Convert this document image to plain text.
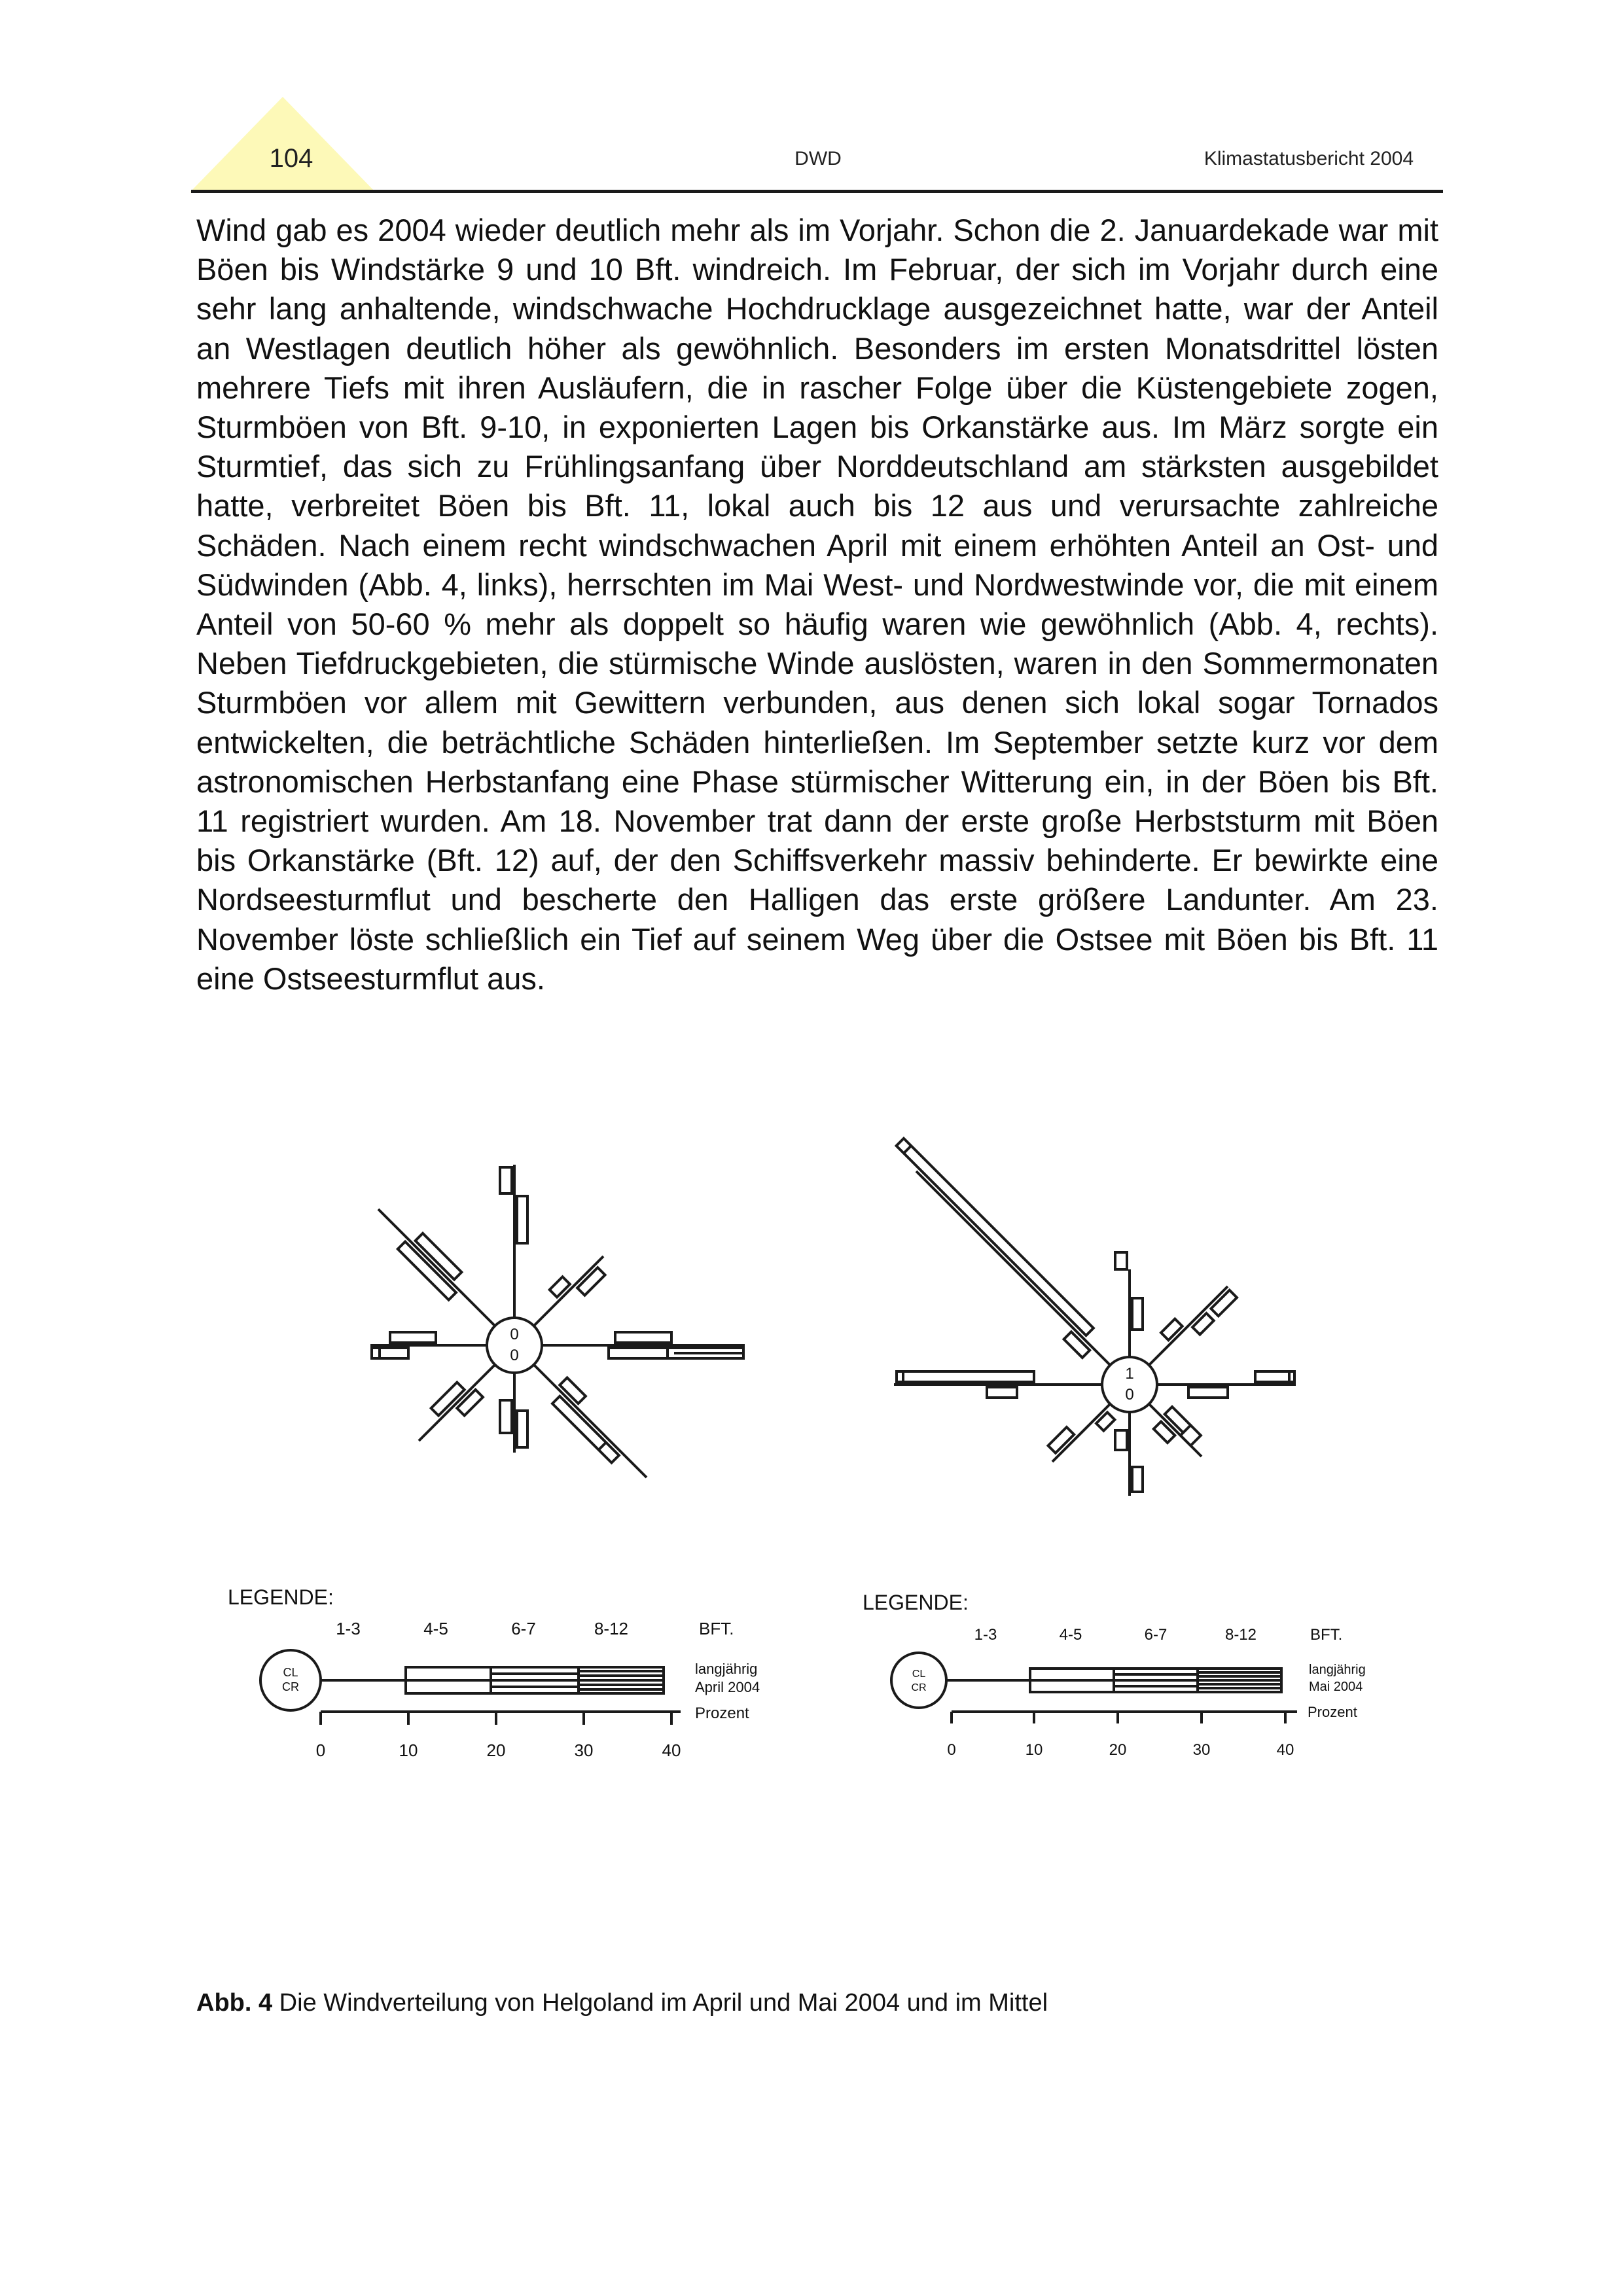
104	DWD	Klimastatusbericht 2004
Wind gab es 2004 wieder deutlich mehr als im Vorjahr. Schon die 2. Januardekade war mit Böen bis Windstärke 9 und 10 Bft. windreich. Im Februar, der sich im Vorjahr durch eine sehr lang anhaltende, windschwache Hochdrucklage ausgezeichnet hatte, war der Anteil an Westlagen deutlich höher als gewöhnlich. Besonders im ersten Monatsdrittel lösten mehrere Tiefs mit ihren Ausläufern, die in rascher Folge über die Küstengebiete zogen, Sturmböen von Bft. 9-10, in exponierten Lagen bis Orkanstärke aus. Im März sorgte ein Sturmtief, das sich zu Frühlingsanfang über Norddeutschland am stärksten ausgebildet hatte, verbreitet Böen bis Bft. 11, lokal auch bis 12 aus und verursachte zahlreiche Schäden. Nach einem recht windschwachen April mit einem erhöhten Anteil an Ost- und Südwinden (Abb. 4, links), herrschten im Mai West- und Nordwestwinde vor, die mit einem Anteil von 50-60 % mehr als doppelt so häufig waren wie gewöhnlich (Abb. 4, rechts). Neben Tiefdruckgebieten, die stürmische Winde auslösten, waren in den Sommermonaten Sturmböen vor allem mit Gewittern verbunden, aus denen sich lokal sogar Tornados entwickelten, die beträchtliche Schäden hinterließen. Im September setzte kurz vor dem astronomischen Herbstanfang eine Phase stürmischer Witterung ein, in der Böen bis Bft. 11 registriert wurden. Am 18. November trat dann der erste große Herbststurm mit Böen bis Orkanstärke (Bft. 12) auf, der den Schiffsverkehr massiv behinderte. Er bewirkte eine Nordseesturmflut und bescherte den Halligen das erste größere Landunter. Am 23. November löste schließlich ein Tief auf seinem Weg über die Ostsee mit Böen bis Bft. 11 eine Ostseesturmflut aus.
0
0
1
0
LEGENDE:
1-3	4-5	6-7	8-12	BFT.
CL
CR
langjährig
April 2004
Prozent
0	10	20	30	40
LEGENDE:
1-3	4-5	6-7	8-12	BFT.
CL
CR
langjährig
Mai 2004
Prozent
0	10	20	30	40
Abb. 4 Die Windverteilung von Helgoland im April und Mai 2004 und im Mittel
